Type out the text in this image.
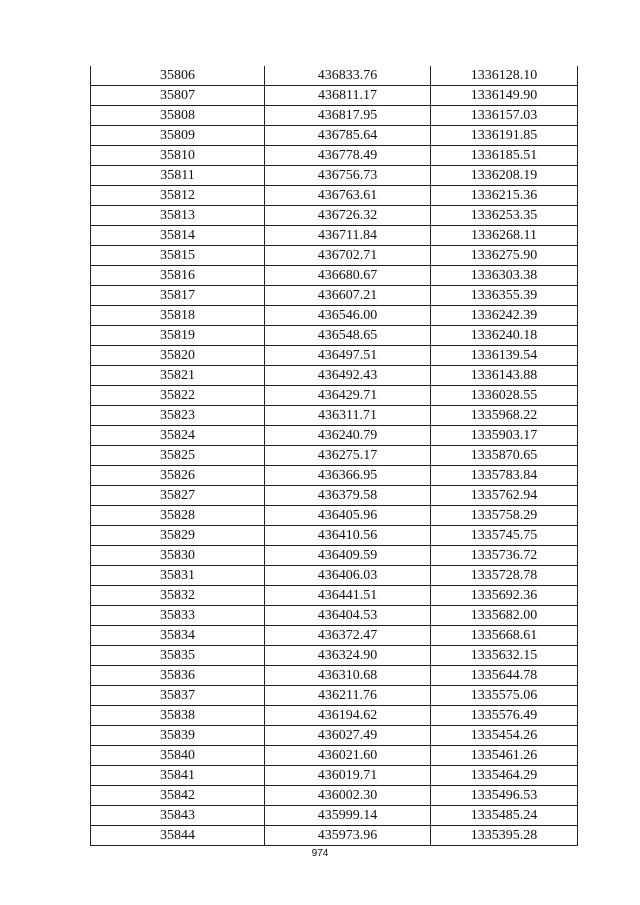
35806	436833.76	1336128.10
35807	436811.17	1336149.90
35808	436817.95	1336157.03
35809	436785.64	1336191.85
35810	436778.49	1336185.51
35811	436756.73	1336208.19
35812	436763.61	1336215.36
35813	436726.32	1336253.35
35814	436711.84	1336268.11
35815	436702.71	1336275.90
35816	436680.67	1336303.38
35817	436607.21	1336355.39
35818	436546.00	1336242.39
35819	436548.65	1336240.18
35820	436497.51	1336139.54
35821	436492.43	1336143.88
35822	436429.71	1336028.55
35823	436311.71	1335968.22
35824	436240.79	1335903.17
35825	436275.17	1335870.65
35826	436366.95	1335783.84
35827	436379.58	1335762.94
35828	436405.96	1335758.29
35829	436410.56	1335745.75
35830	436409.59	1335736.72
35831	436406.03	1335728.78
35832	436441.51	1335692.36
35833	436404.53	1335682.00
35834	436372.47	1335668.61
35835	436324.90	1335632.15
35836	436310.68	1335644.78
35837	436211.76	1335575.06
35838	436194.62	1335576.49
35839	436027.49	1335454.26
35840	436021.60	1335461.26
35841	436019.71	1335464.29
35842	436002.30	1335496.53
35843	435999.14	1335485.24
35844	435973.96	1335395.28
974
